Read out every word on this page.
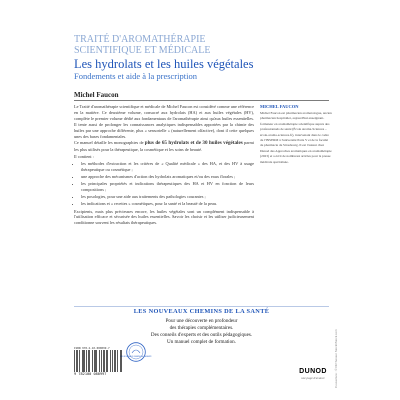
TRAITÉ D'AROMATHÉRAPIE
SCIENTIFIQUE ET MÉDICALE
Les hydrolats et les huiles végétales
Fondements et aide à la prescription
Michel Faucon

Le Traité d'aromathérapie scientifique et médicale de Michel Faucon est considéré comme une référence en la matière. Ce deuxième volume, consacré aux hydrolats (HA) et aux huiles végétales (HV), complète le premier volume dédié aux fondamentaux de l'aromathérapie ainsi qu'aux huiles essentielles. Il tente aussi de prolonger les connaissances analytiques indispensables apportées par la chimie des huiles par une approche différente, plus « sensorielle » (naturellement olfactive), dont il cette quelques unes des bases fondamentales.

Ce manuel détaille les monographies de plus de 65 hydrolats et de 30 huiles végétales parmi les plus utilisés pour la thérapeutique, la cosmétique et les soins de beauté.

Il contient :

• les méthodes d'extraction et les critères de « Qualité médicale » des HA, et des HV à usage thérapeutique ou cosmétique ;
• une approche des mécanismes d'action des hydrolats aromatiques et/ou des eaux florales ;
• les principales propriétés et indications thérapeutiques des HA et HV en fonction de leurs compositions ;
• les posologies, pour une aide aux traitements des pathologies courantes ;
• les indications et « recettes » cosmétiques, pour la santé et la beauté de la peau.

Excipients, mais plus précieuses encore, les huiles végétales sont un complément indispensable à l'utilisation efficace et sécurisée des huiles essentielles. Savoir les choisir et les utiliser judicieusement conditionne souvent les résultats thérapeutiques.

MICHEL FAUCON

Michel Faucon est pharmacien aromatologue, ancien pharmacien hospitalier, aujourd'hui enseignant-formateur en aromathérapie scientifique auprès des professionnels de santé (École Aroma-Sciences – école-aroma-sciences.fr), intervenant dans le cadre de l'INSERM à l'université Paris V et de la faculté de pharmacie de Strasbourg. Il est l'auteur chez Dunod des Approches aromatiques en aromathérapie (2023) et a écrit de nombreux articles pour la presse médicale spécialisée.

LES NOUVEAUX CHEMINS DE LA SANTÉ
Pour une découverte en profondeur
des thérapies complémentaires.
Des conseils d'experts et des outils pédagogiques.
Un manuel complet de formation.
ISBN 978-2-10-080099-7
9 782100 080997
LES NOUVEAUX CHEMINS DE LA SANTÉ
DUNOD
une page d'avance	Couverture : © DR Sesser Stock/iStock.com
